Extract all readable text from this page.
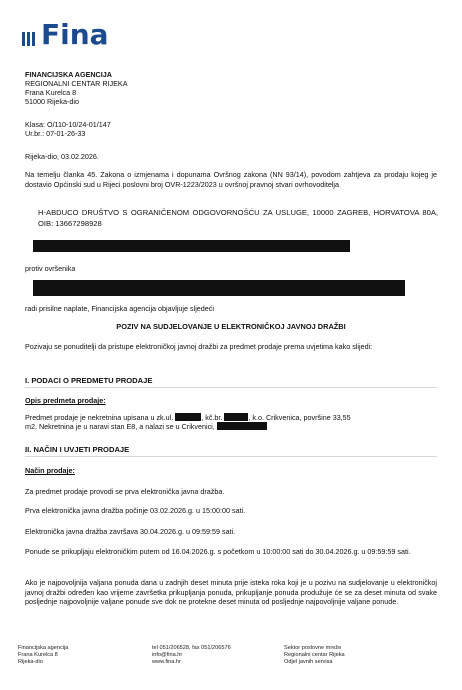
Fina
FINANCIJSKA AGENCIJA
REGIONALNI CENTAR RIJEKA
Frana Kurelca 8
51000 Rijeka-dio
Klasa: O/110-10/24-01/147
Ur.br.: 07-01-26-33
Rijeka-dio, 03.02.2026.
Na temelju članka 45. Zakona o izmjenama i dopunama Ovršnog zakona (NN 93/14), povodom zahtjeva za prodaju kojeg je dostavio Općinski sud u Rijeci poslovni broj OVR-1223/2023 u ovršnoj pravnoj stvari ovrhovoditelja
H-ABDUCO DRUŠTVO S OGRANIČENOM ODGOVORNOŠĆU ZA USLUGE, 10000 ZAGREB, HORVATOVA 80A, OIB: 13667298928
protiv ovršenika
radi prisilne naplate, Financijska agencija objavljuje sljedeći
POZIV NA SUDJELOVANJE U ELEKTRONIČKOJ JAVNOJ DRAŽBI
Pozivaju se ponuditelji da pristupe elektroničkoj javnoj dražbi za predmet prodaje prema uvjetima kako slijedi:
I. PODACI O PREDMETU PRODAJE
Opis predmeta prodaje:
Predmet prodaje je nekretnina upisana u zk.ul.	, kč.br.	, k.o. Crikvenica, površine 33,55
m2. Nekretnina je u naravi stan E8, a nalazi se u Crikvenici,
II. NAČIN I UVJETI PRODAJE
Način prodaje:
Za predmet prodaje provodi se prva elektronička javna dražba.
Prva elektronička javna dražba počinje 03.02.2026.g. u 15:00:00 sati.
Elektronička javna dražba završava 30.04.2026.g. u 09:59:59 sati.
Ponude se prikupljaju elektroničkim putem od 16.04.2026.g. s početkom u 10:00:00 sati do 30.04.2026.g. u 09:59:59 sati.
Ako je najpovoljnija valjana ponuda dana u zadnjih deset minuta prije isteka roka koji je u pozivu na sudjelovanje u elektroničkoj javnoj dražbi određen kao vrijeme završetka prikupljanja ponuda, prikupljanje ponuda produžuje će se za deset minuta od svake posljednje najpovoljnije valjane ponude sve dok ne protekne deset minuta od posljednje najpovoljnije valjane ponude.
Financijska agencija
Frana Kurelca 8
Rijeka-dio
tel 051/206528, fax 051/206576
info@fina.hr
www.fina.hr
Sektor poslovne mreže
Regionalni centar Rijeka
Odjel javnih servisa
